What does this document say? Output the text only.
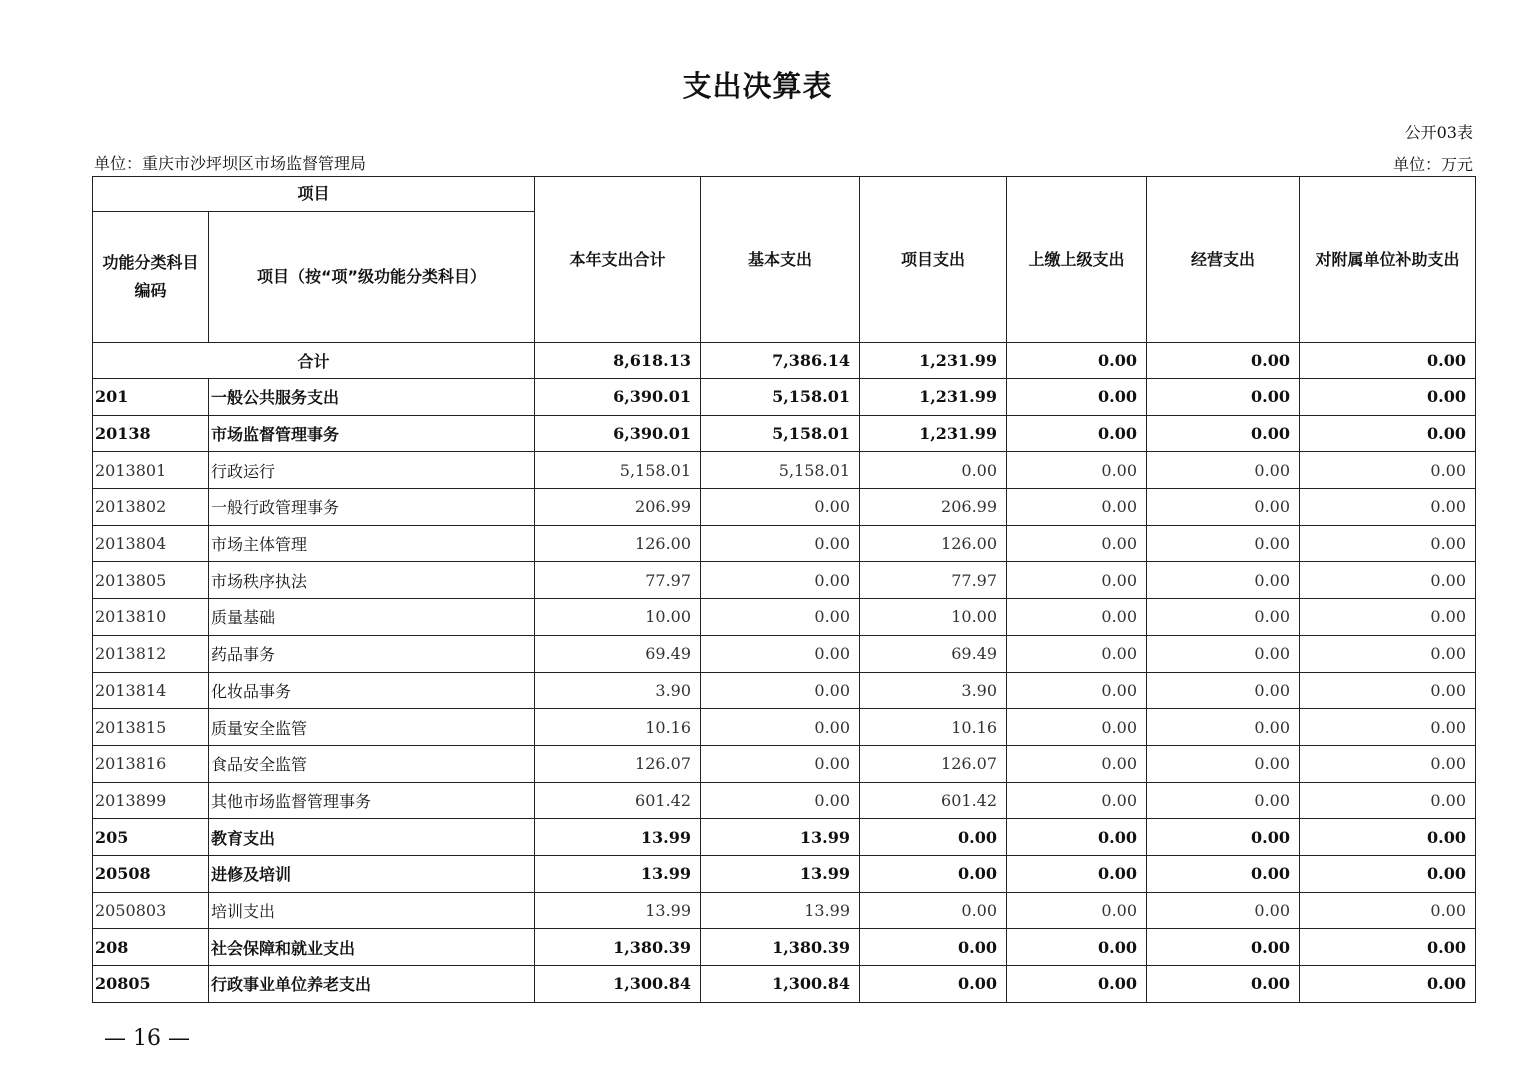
支出决算表
公开03表
单位：重庆市沙坪坝区市场监督管理局	单位：万元
项目		本年支出合计	基本支出	项目支出	上缴上级支出	经营支出	对附属单位补助支出
功能分类科目编码	项目（按“项”级功能分类科目）						
合计		8,618.13	7,386.14	1,231.99	0.00	0.00	0.00
201	一般公共服务支出	6,390.01	5,158.01	1,231.99	0.00	0.00	0.00
20138	市场监督管理事务	6,390.01	5,158.01	1,231.99	0.00	0.00	0.00
2013801	行政运行	5,158.01	5,158.01	0.00	0.00	0.00	0.00
2013802	一般行政管理事务	206.99	0.00	206.99	0.00	0.00	0.00
2013804	市场主体管理	126.00	0.00	126.00	0.00	0.00	0.00
2013805	市场秩序执法	77.97	0.00	77.97	0.00	0.00	0.00
2013810	质量基础	10.00	0.00	10.00	0.00	0.00	0.00
2013812	药品事务	69.49	0.00	69.49	0.00	0.00	0.00
2013814	化妆品事务	3.90	0.00	3.90	0.00	0.00	0.00
2013815	质量安全监管	10.16	0.00	10.16	0.00	0.00	0.00
2013816	食品安全监管	126.07	0.00	126.07	0.00	0.00	0.00
2013899	其他市场监督管理事务	601.42	0.00	601.42	0.00	0.00	0.00
205	教育支出	13.99	13.99	0.00	0.00	0.00	0.00
20508	进修及培训	13.99	13.99	0.00	0.00	0.00	0.00
2050803	培训支出	13.99	13.99	0.00	0.00	0.00	0.00
208	社会保障和就业支出	1,380.39	1,380.39	0.00	0.00	0.00	0.00
20805	行政事业单位养老支出	1,300.84	1,300.84	0.00	0.00	0.00	0.00
— 16 —
